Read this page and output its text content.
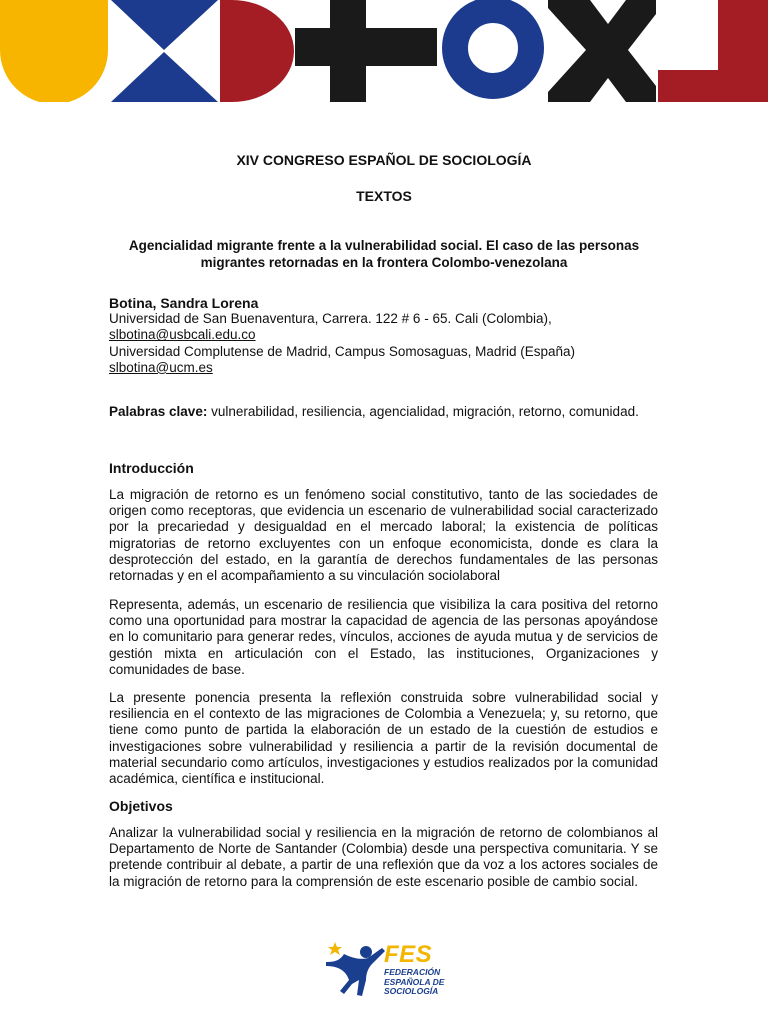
XIV CONGRESO ESPAÑOL DE SOCIOLOGÍA
TEXTOS
Agencialidad migrante frente a la vulnerabilidad social. El caso de las personas
migrantes retornadas en la frontera Colombo-venezolana
Botina, Sandra Lorena
Universidad de San Buenaventura, Carrera. 122 # 6 - 65. Cali (Colombia),
slbotina@usbcali.edu.co
Universidad Complutense de Madrid, Campus Somosaguas, Madrid (España)
slbotina@ucm.es
Palabras clave: vulnerabilidad, resiliencia, agencialidad, migración, retorno, comunidad.
Introducción
La migración de retorno es un fenómeno social constitutivo, tanto de las sociedades de origen como receptoras, que evidencia un escenario de vulnerabilidad social caracterizado por la precariedad y desigualdad en el mercado laboral; la existencia de políticas migratorias de retorno excluyentes con un enfoque economicista, donde es clara la desprotección del estado, en la garantía de derechos fundamentales de las personas retornadas y en el acompañamiento a su vinculación sociolaboral
Representa, además, un escenario de resiliencia que visibiliza la cara positiva del retorno como una oportunidad para mostrar la capacidad de agencia de las personas apoyándose en lo comunitario para generar redes, vínculos, acciones de ayuda mutua y de servicios de gestión mixta en articulación con el Estado, las instituciones, Organizaciones y comunidades de base.
La presente ponencia presenta la reflexión construida sobre vulnerabilidad social y resiliencia en el contexto de las migraciones de Colombia a Venezuela; y, su retorno, que tiene como punto de partida la elaboración de un estado de la cuestión de estudios e investigaciones sobre vulnerabilidad y resiliencia a partir de la revisión documental de material secundario como artículos, investigaciones y estudios realizados por la comunidad académica, científica e institucional.
Objetivos
Analizar la vulnerabilidad social y resiliencia en la migración de retorno de colombianos al Departamento de Norte de Santander (Colombia) desde una perspectiva comunitaria. Y se pretende contribuir al debate, a partir de una reflexión que da voz a los actores sociales de la migración de retorno para la comprensión de este escenario posible de cambio social.
FES
FEDERACIÓN
ESPAÑOLA DE
SOCIOLOGÍA
